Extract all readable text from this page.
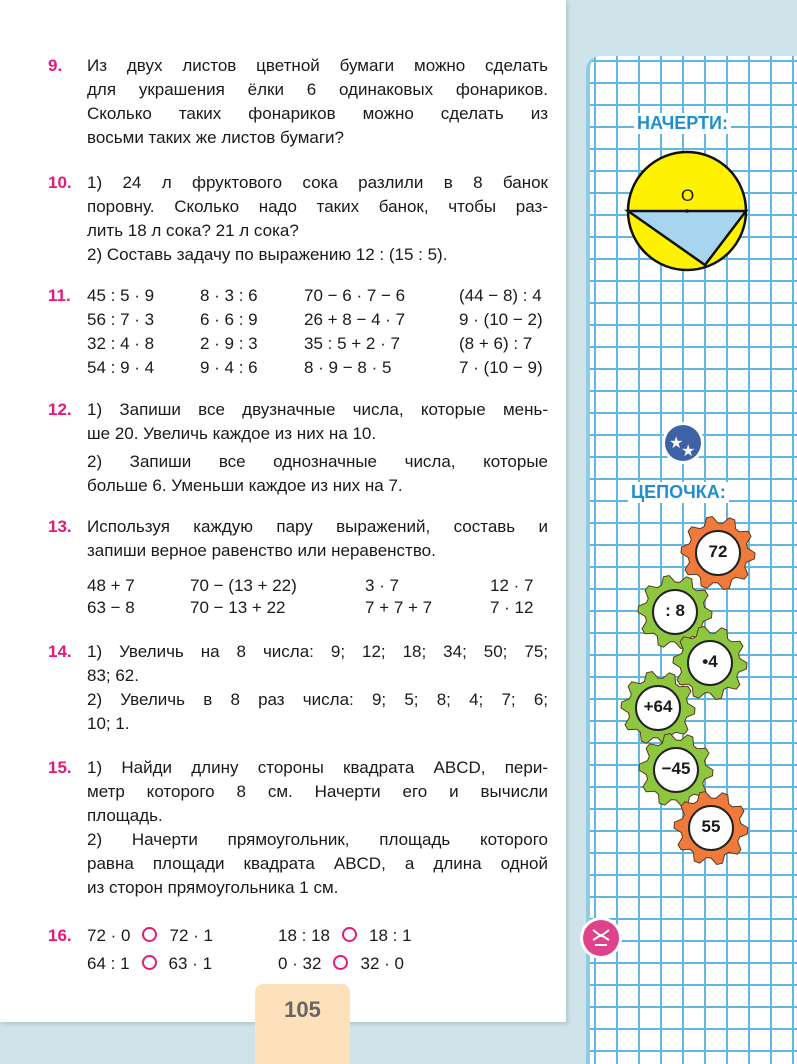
9. Из двух листов цветной бумаги можно сделать
для украшения ёлки 6 одинаковых фонариков.
Сколько таких фонариков можно сделать из
восьми таких же листов бумаги?
10. 1) 24 л фруктового сока разлили в 8 банок
поровну. Сколько надо таких банок, чтобы раз-
лить 18 л сока? 21 л сока?
2) Составь задачу по выражению 12 : (15 : 5).
11. 45 : 5 · 9
56 : 7 · 3
32 : 4 · 8
54 : 9 · 4
8 · 3 : 6
6 · 6 : 9
2 · 9 : 3
9 · 4 : 6
70 − 6 · 7 − 6
26 + 8 − 4 · 7
35 : 5 + 2 · 7
8 · 9 − 8 · 5
(44 − 8) : 4
9 · (10 − 2)
(8 + 6) : 7
7 · (10 − 9)
12. 1) Запиши все двузначные числа, которые мень-
ше 20. Увеличь каждое из них на 10.
2) Запиши все однозначные числа, которые
больше 6. Уменьши каждое из них на 7.
13. Используя каждую пару выражений, составь и
запиши верное равенство или неравенство.
48 + 7
63 − 8
70 − (13 + 22)
70 − 13 + 22
3 · 7
7 + 7 + 7
12 · 7
7 · 12
14. 1) Увеличь на 8 числа: 9; 12; 18; 34; 50; 75;
83; 62.
2) Увеличь в 8 раз числа: 9; 5; 8; 4; 7; 6;
10; 1.
15. 1) Найди длину стороны квадрата ABCD, пери-
метр которого 8 см. Начерти его и вычисли
площадь.
2) Начерти прямоугольник, площадь которого
равна площади квадрата ABCD, а длина одной
из сторон прямоугольника 1 см.
16. 72 · 0 72 · 1	18 : 18 18 : 1
64 : 1 63 · 1	0 · 32 32 · 0
105
★
★
НАЧЕРТИ:
O
ЦЕПОЧКА:
72
: 8
•4
+64
−45
55
